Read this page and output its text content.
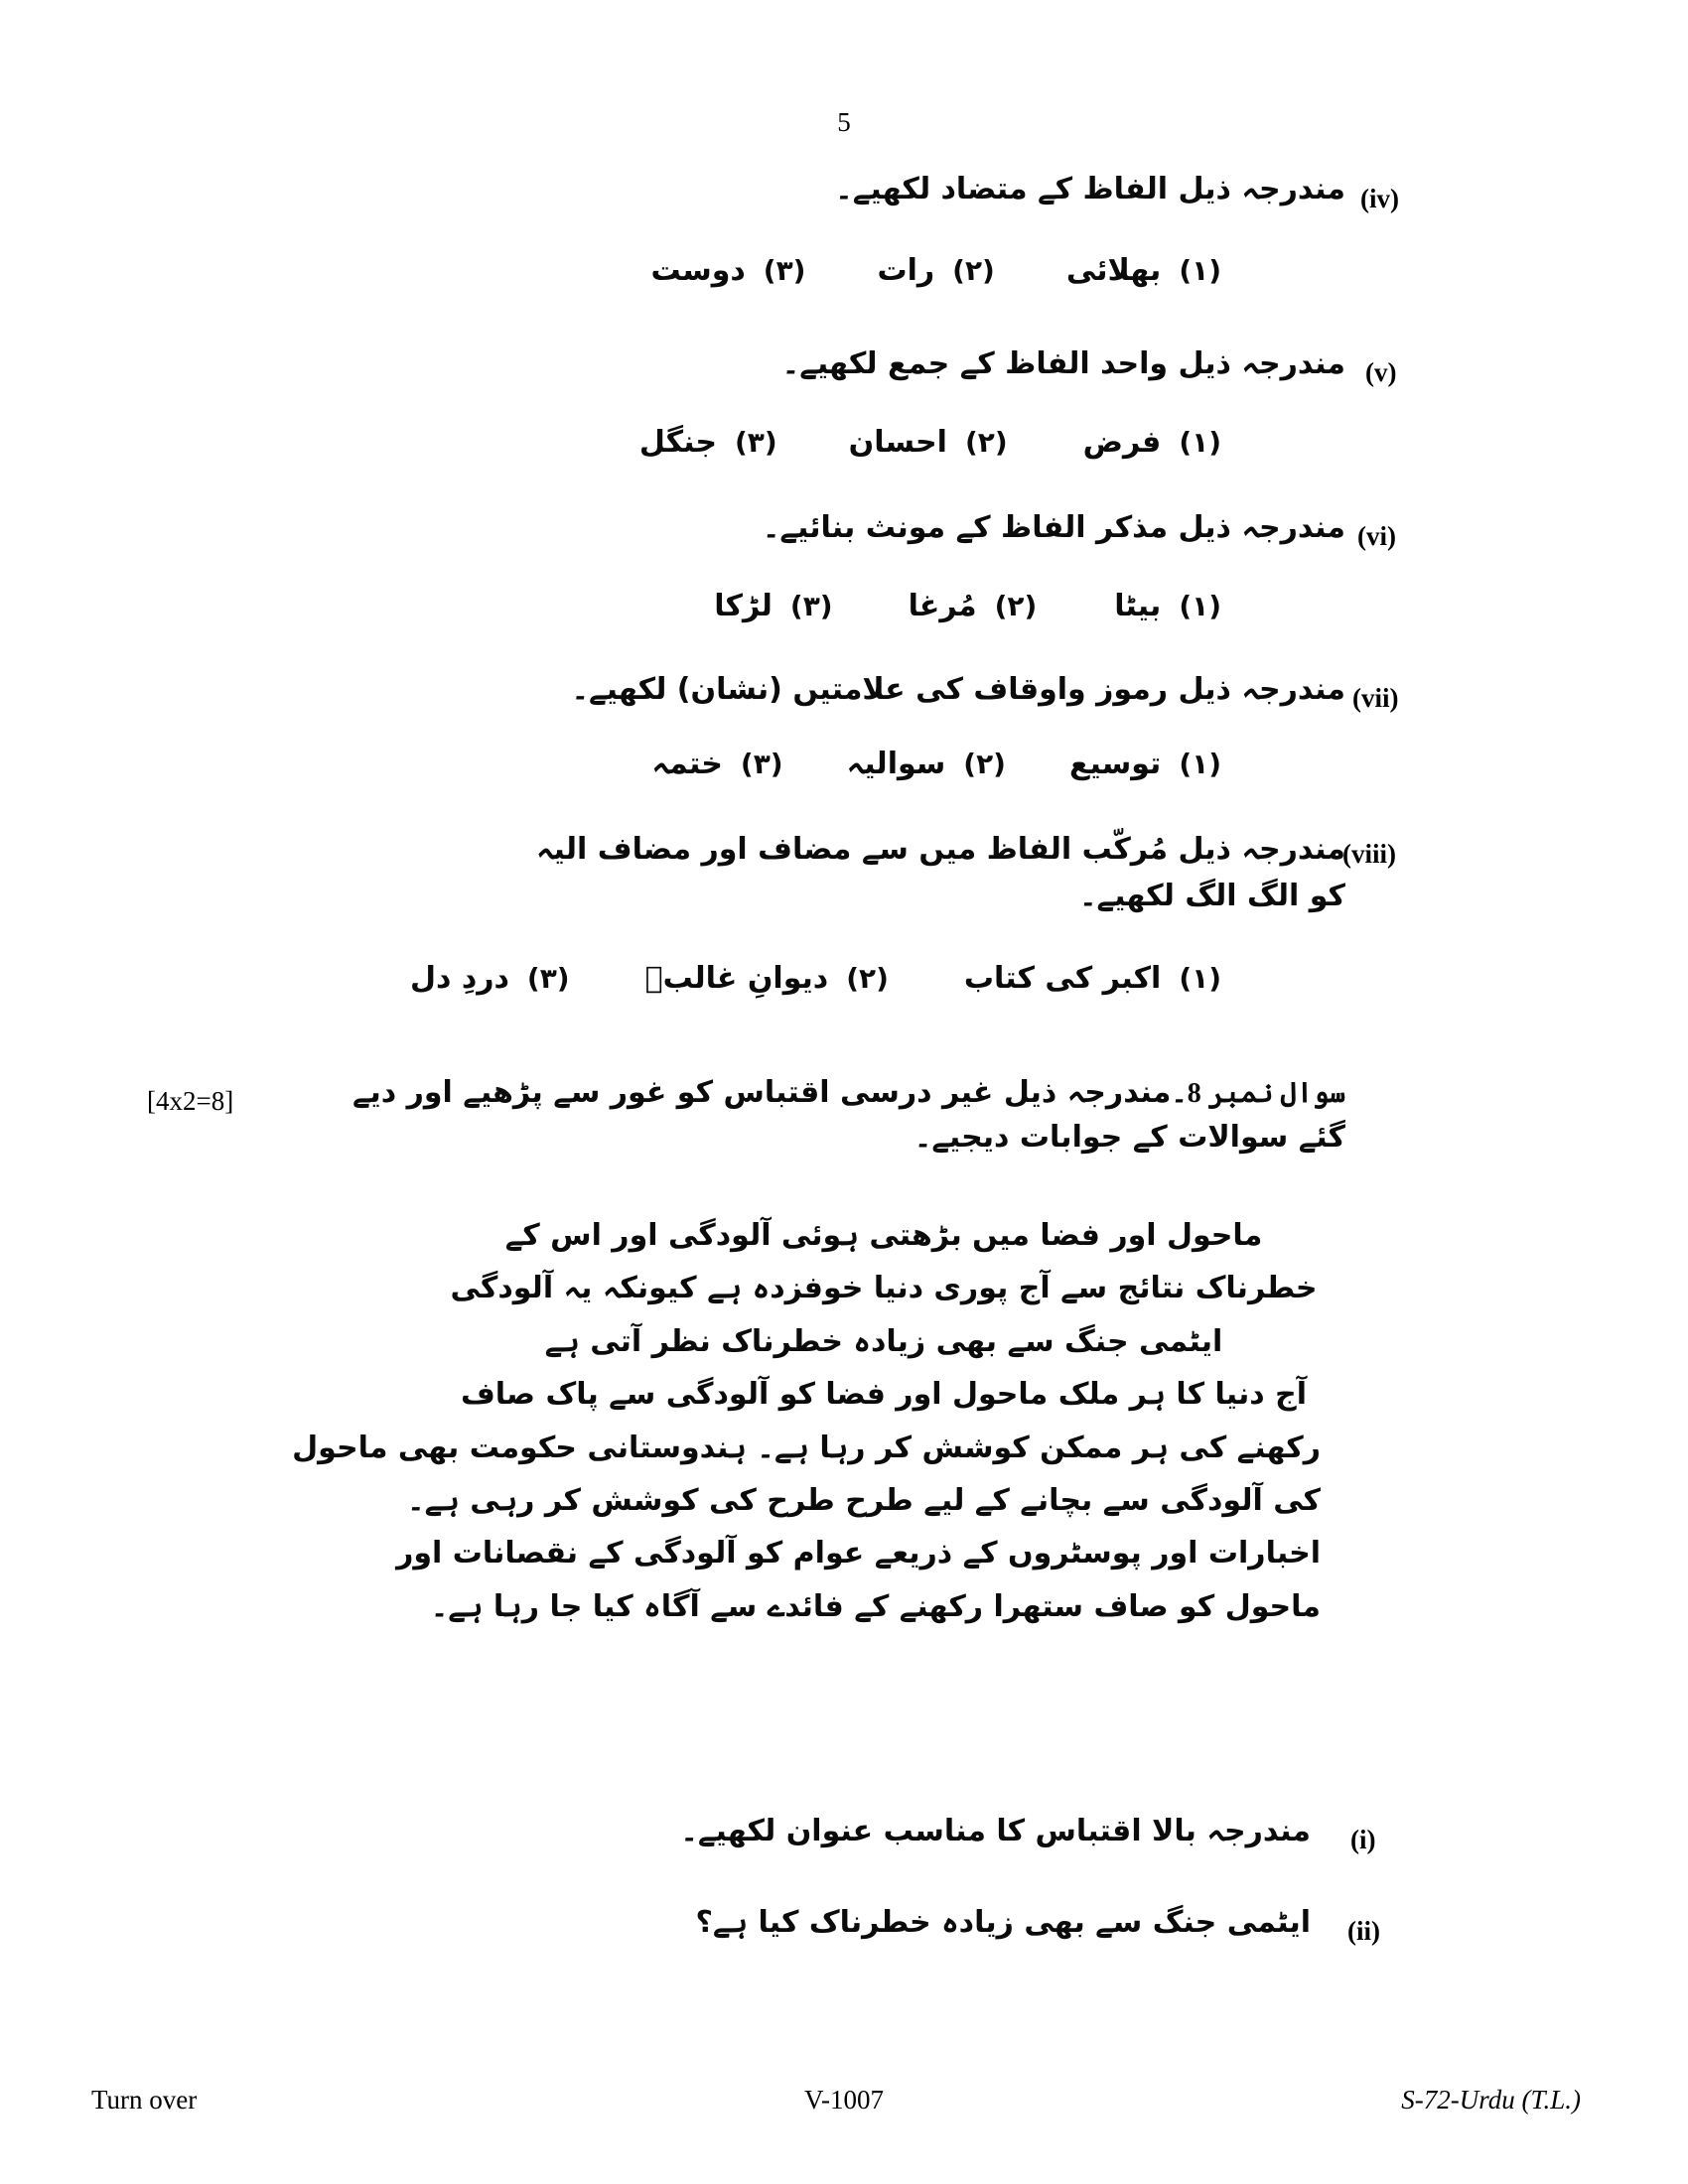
5
(iv)
مندرجہ ذیل الفاظ کے متضاد لکھیے۔
(۱)
بھلائی
(۲)
رات
(۳)
دوست
(v)
مندرجہ ذیل واحد الفاظ کے جمع لکھیے۔
(۱)
فرض
(۲)
احسان
(۳)
جنگل
(vi)
مندرجہ ذیل مذکر الفاظ کے مونث بنائیے۔
(۱)
بیٹا
(۲)
مُرغا
(۳)
لڑکا
(vii)
مندرجہ ذیل رموز واوقاف کی علامتیں (نشان) لکھیے۔
(۱)
توسیع
(۲)
سوالیہ
(۳)
ختمہ
(viii)
مندرجہ ذیل مُرکّب الفاظ میں سے مضاف اور مضاف الیہ
کو الگ الگ لکھیے۔
(۱)
اکبر کی کتاب
(۲)
دیوانِ غالبؔ
(۳)
دردِ دل
[4x2=8]	سوال نمبر 8۔مندرجہ ذیل غیر درسی اقتباس کو غور سے پڑھیے اور دیے
گئے سوالات کے جوابات دیجیے۔
ماحول اور فضا میں بڑھتی ہوئی آلودگی اور اس کے
خطرناک نتائج سے آج پوری دنیا خوفزدہ ہے کیونکہ یہ آلودگی
ایٹمی جنگ سے بھی زیادہ خطرناک نظر آتی ہے
آج دنیا کا ہر ملک ماحول اور فضا کو آلودگی سے پاک صاف
رکھنے کی ہر ممکن کوشش کر رہا ہے۔ ہندوستانی حکومت بھی ماحول
کی آلودگی سے بچانے کے لیے طرح طرح کی کوشش کر رہی ہے۔
اخبارات اور پوسٹروں کے ذریعے عوام کو آلودگی کے نقصانات اور
ماحول کو صاف ستھرا رکھنے کے فائدے سے آگاہ کیا جا رہا ہے۔
(i)
مندرجہ بالا اقتباس کا مناسب عنوان لکھیے۔
(ii)
ایٹمی جنگ سے بھی زیادہ خطرناک کیا ہے؟
Turn over	V-1007	S-72-Urdu (T.L.)
